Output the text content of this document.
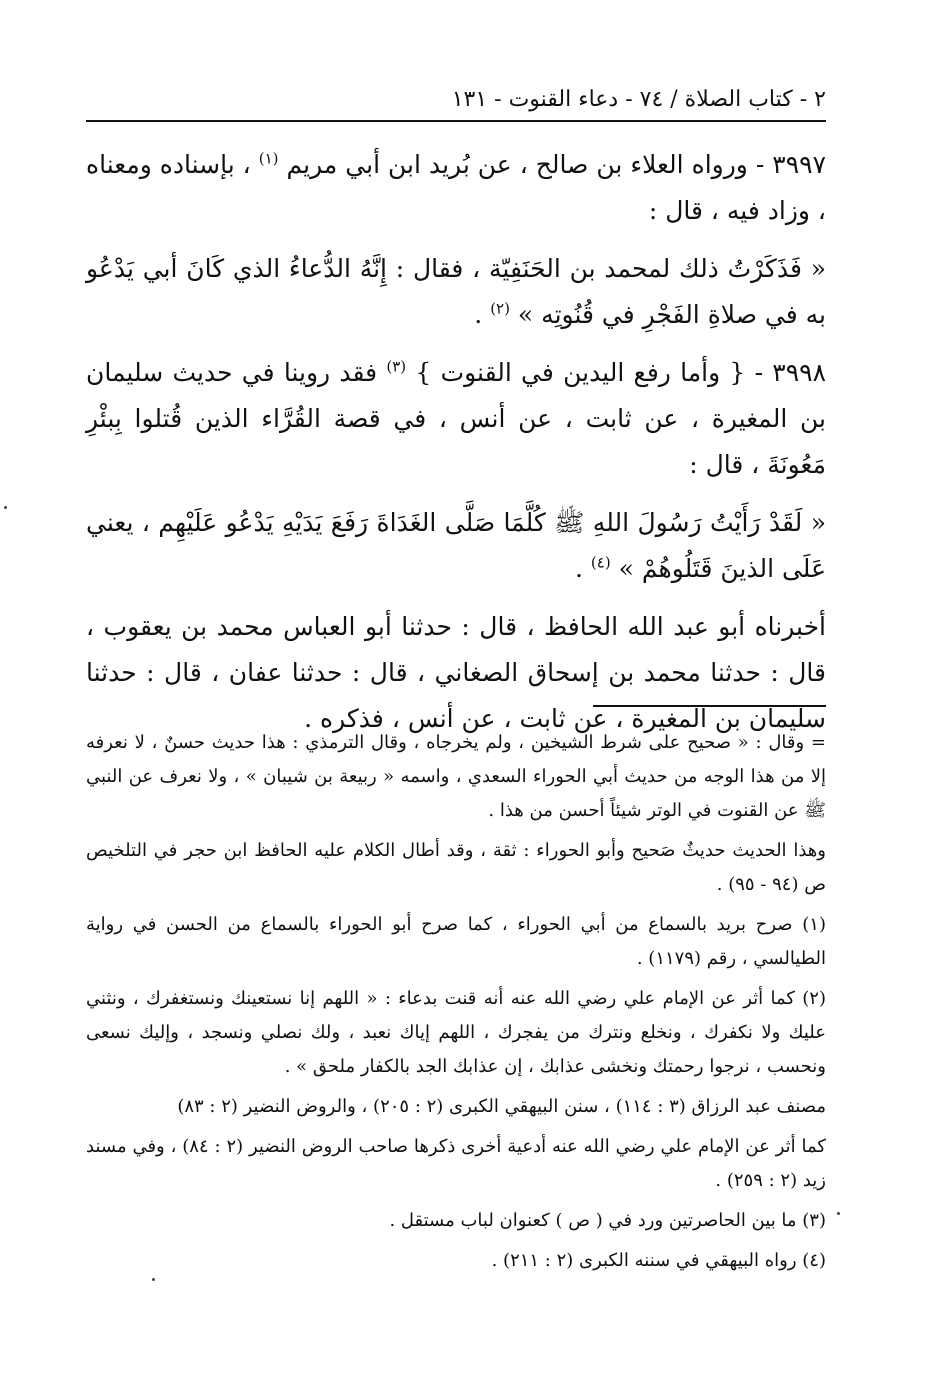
٢ - كتاب الصلاة / ٧٤ - دعاء القنوت - ١٣١

٣٩٩٧ - ورواه العلاء بن صالح ، عن بُريد ابن أبي مريم $^{(١)}$ ، بإسناده ومعناه ، وزاد فيه ، قال :

« فَذَكَرْتُ ذلك لمحمد بن الحَنَفِيّة ، فقال : إِنَّهُ الدُّعاءُ الذي كَانَ أبي يَدْعُو به في صلاةِ الفَجْرِ في قُنُوتِه » $^{(٢)}$ .

٣٩٩٨ - { وأما رفع اليدين في القنوت } $^{(٣)}$ فقد روينا في حديث سليمان بن المغيرة ، عن ثابت ، عن أنس ، في قصة القُرَّاء الذين قُتلوا بِبئْرِ مَعُونَةَ ، قال :

« لَقَدْ رَأَيْتُ رَسُولَ اللهِ ﷺ كُلَّمَا صَلَّى الغَدَاةَ رَفَعَ يَدَيْهِ يَدْعُو عَلَيْهِم ، يعني عَلَى الذينَ قَتَلُوهُمْ » $^{(٤)}$ .

أخبرناه أبو عبد الله الحافظ ، قال : حدثنا أبو العباس محمد بن يعقوب ، قال : حدثنا محمد بن إسحاق الصغاني ، قال : حدثنا عفان ، قال : حدثنا سليمان بن المغيرة ، عن ثابت ، عن أنس ، فذكره .

= وقال : « صحيح على شرط الشيخين ، ولم يخرجاه ، وقال الترمذي : هذا حديث حسنٌ ، لا نعرفه إلا من هذا الوجه من حديث أبي الحوراء السعدي ، واسمه « ربيعة بن شيبان » ، ولا نعرف عن النبي ﷺ عن القنوت في الوتر شيئاً أحسن من هذا .

وهذا الحديث حديثٌ صَحيح وأبو الحوراء : ثقة ، وقد أطال الكلام عليه الحافظ ابن حجر في التلخيص ص (٩٤ - ٩٥) .

(١) صرح بريد بالسماع من أبي الحوراء ، كما صرح أبو الحوراء بالسماع من الحسن في رواية الطيالسي ، رقم (١١٧٩) .

(٢) كما أثر عن الإمام علي رضي الله عنه أنه قنت بدعاء : « اللهم إنا نستعينك ونستغفرك ، ونثني عليك ولا نكفرك ، ونخلع ونترك من يفجرك ، اللهم إياك نعبد ، ولك نصلي ونسجد ، وإليك نسعى ونحسب ، نرجوا رحمتك ونخشى عذابك ، إن عذابك الجد بالكفار ملحق » .

مصنف عبد الرزاق (٣ : ١١٤) ، سنن البيهقي الكبرى (٢ : ٢٠٥) ، والروض النضير (٢ : ٨٣)

كما أثر عن الإمام علي رضي الله عنه أدعية أخرى ذكرها صاحب الروض النضير (٢ : ٨٤) ، وفي مسند زيد (٢ : ٢٥٩) .

(٣) ما بين الحاصرتين ورد في ( ص ) كعنوان لباب مستقل .

(٤) رواه البيهقي في سننه الكبرى (٢ : ٢١١) .
